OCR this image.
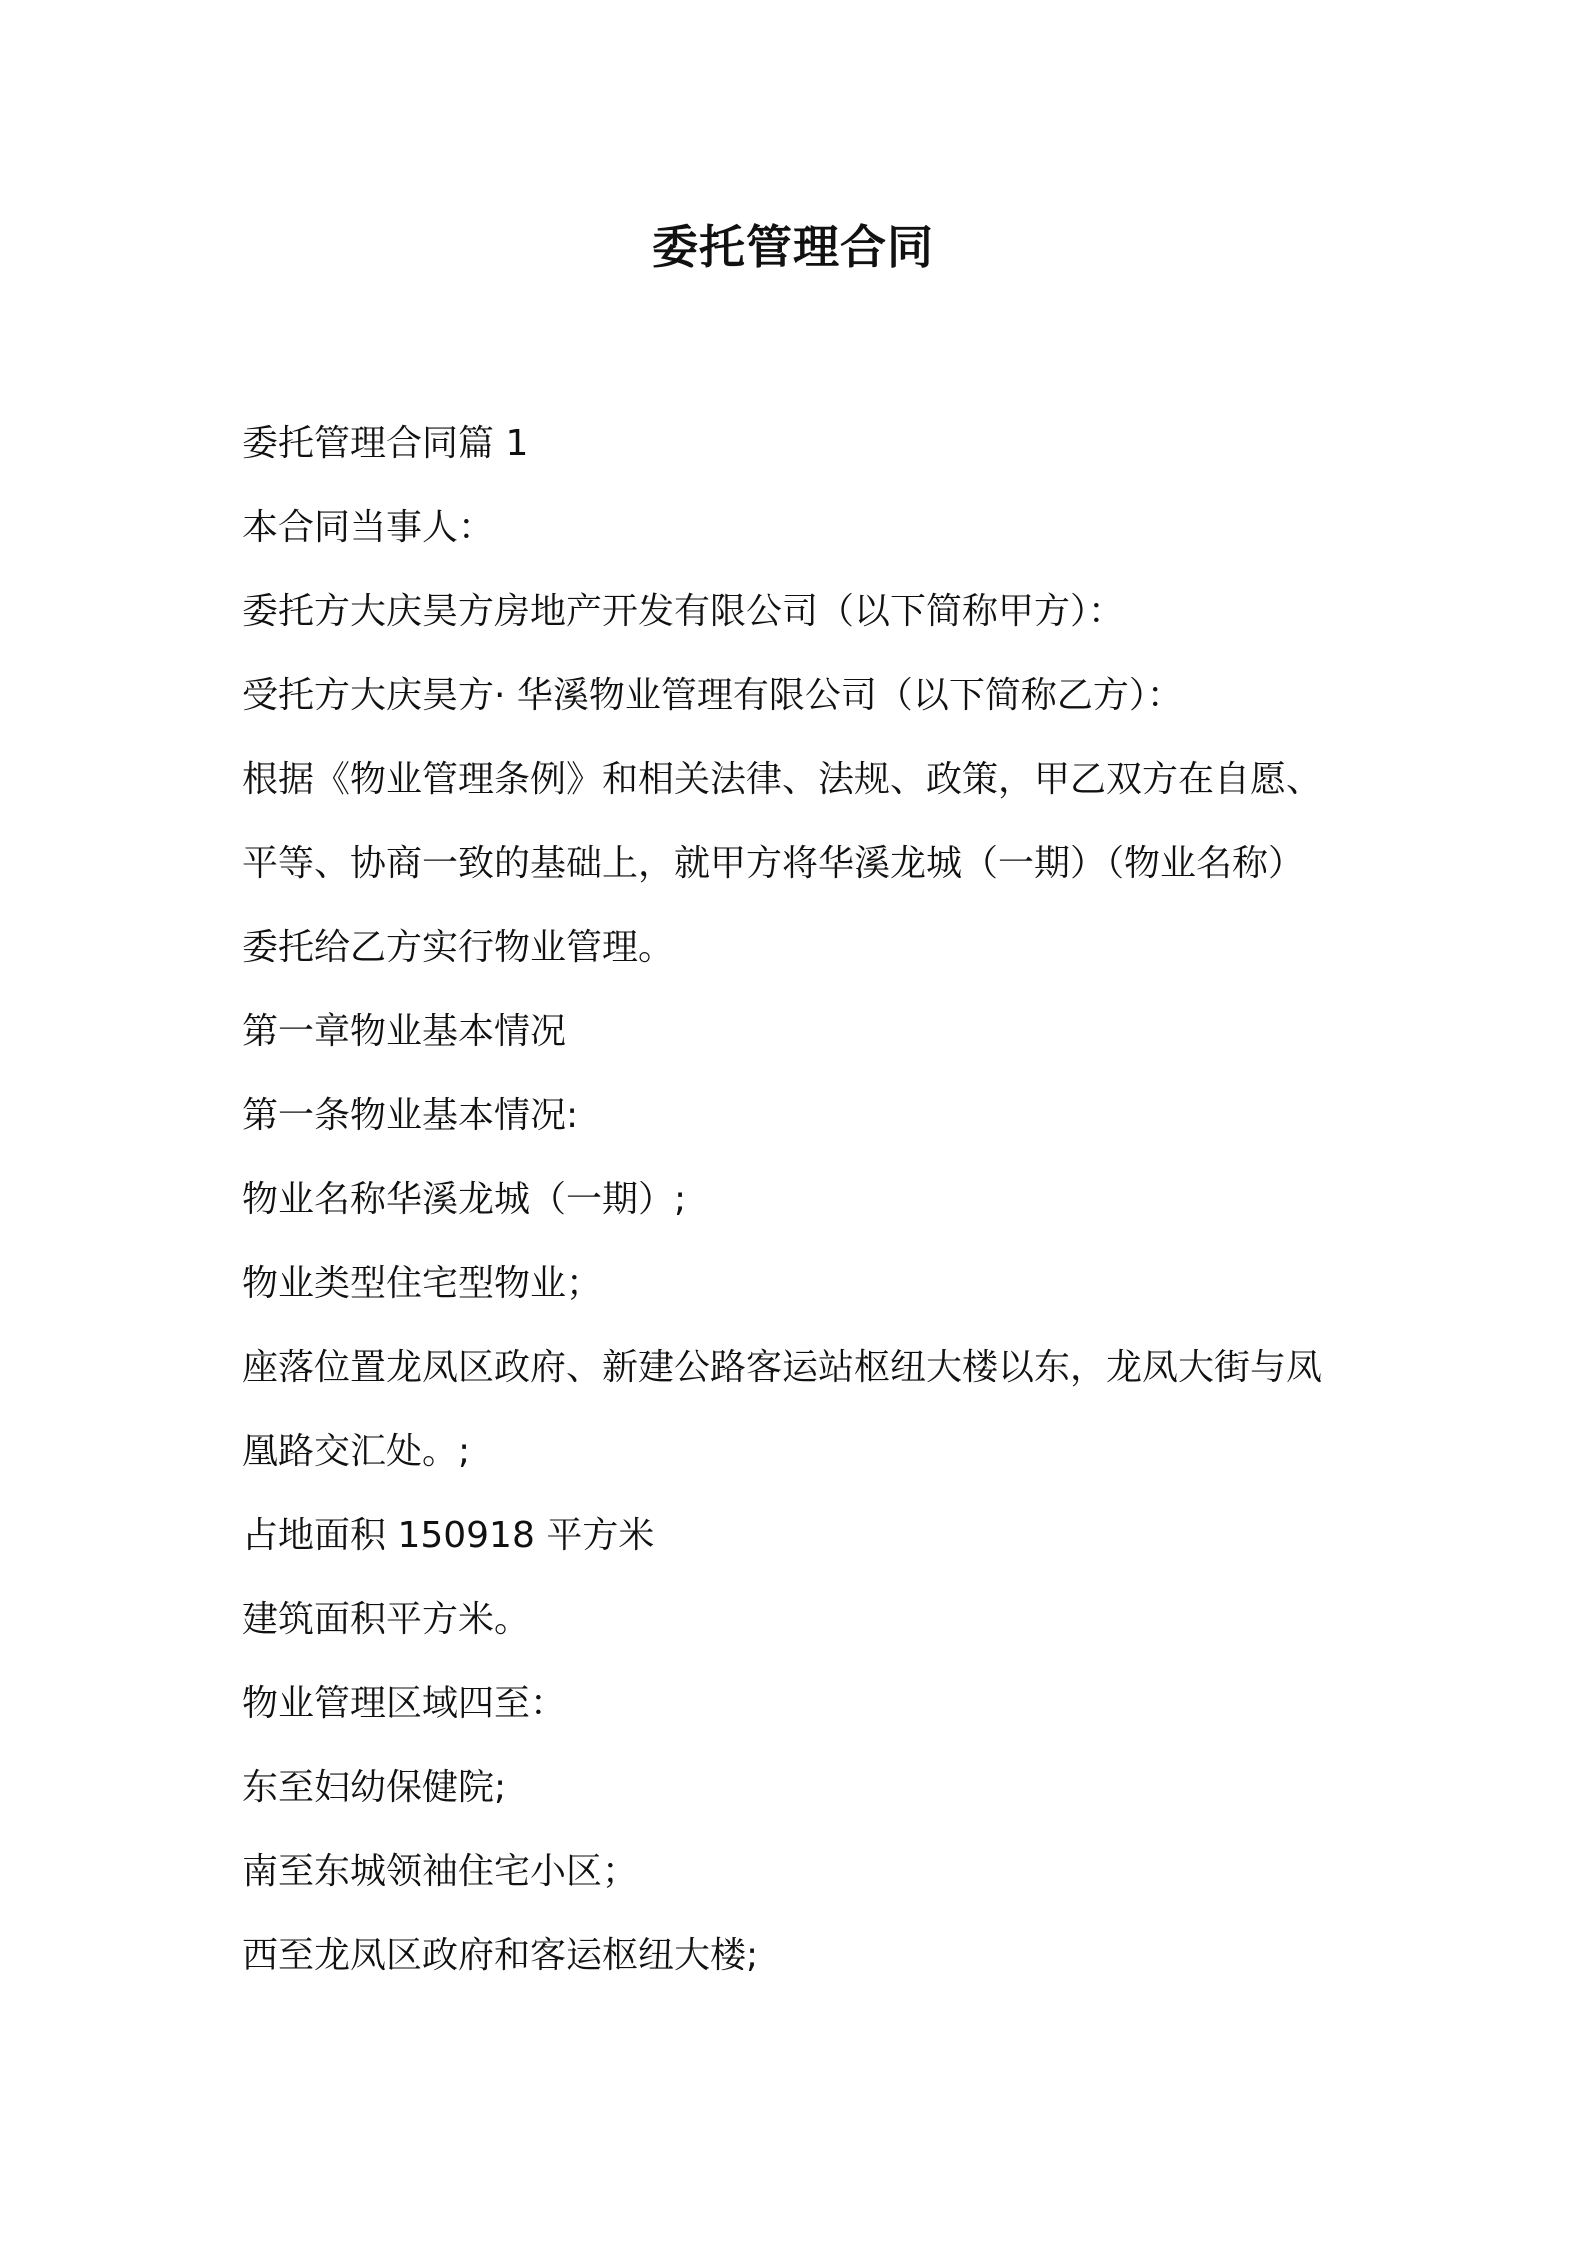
委托管理合同
委托管理合同篇 1
本合同当事人：
委托方大庆昊方房地产开发有限公司（以下简称甲方）：
受托方大庆昊方· 华溪物业管理有限公司（以下简称乙方）：
根据《物业管理条例》和相关法律、法规、政策，甲乙双方在自愿、
平等、协商一致的基础上，就甲方将华溪龙城（一期）（物业名称）
委托给乙方实行物业管理。
第一章物业基本情况
第一条物业基本情况:
物业名称华溪龙城（一期）;
物业类型住宅型物业；
座落位置龙凤区政府、新建公路客运站枢纽大楼以东，龙凤大街与凤
凰路交汇处。;
占地面积 150918 平方米
建筑面积平方米。
物业管理区域四至：
东至妇幼保健院;
南至东城领袖住宅小区；
西至龙凤区政府和客运枢纽大楼;
